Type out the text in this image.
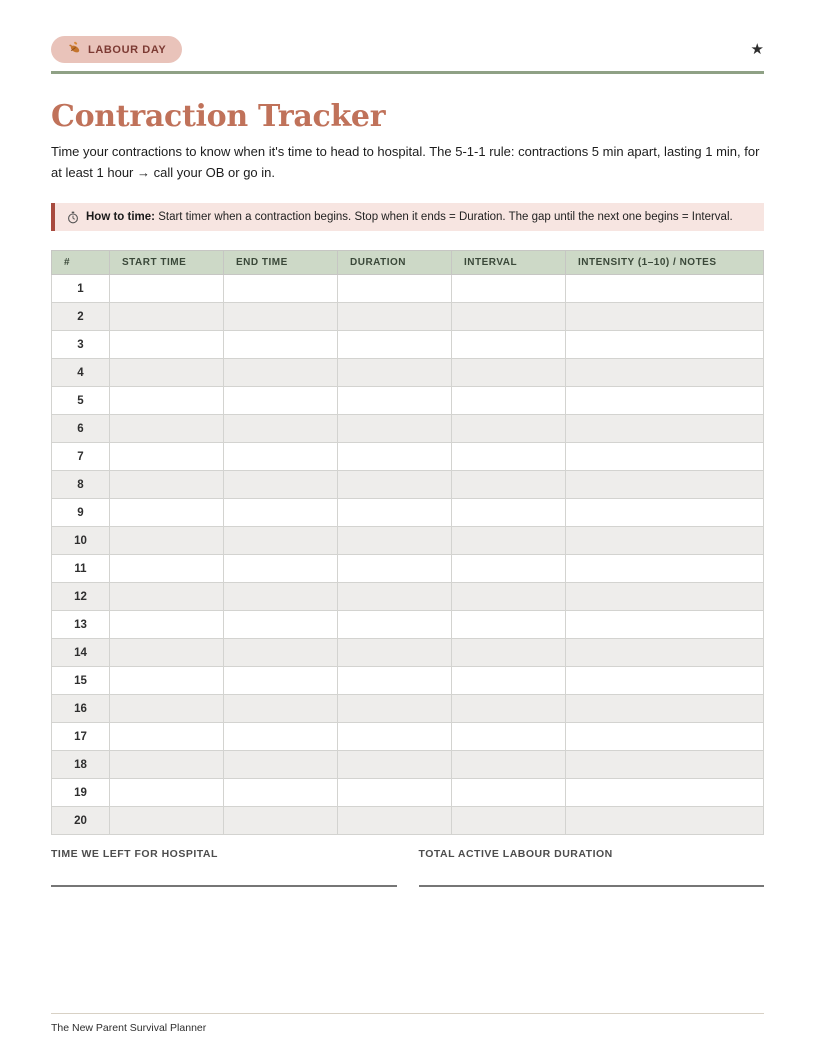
LABOUR DAY	★
Contraction Tracker

Time your contractions to know when it's time to head to hospital. The 5-1-1 rule: contractions 5 min apart, lasting 1 min, for at least 1 hour → call your OB or go in.

How to time: Start timer when a contraction begins. Stop when it ends = Duration. The gap until the next one begins = Interval.

#	START TIME	END TIME	DURATION	INTERVAL	INTENSITY (1–10) / NOTES
1					
2					
3					
4					
5					
6					
7					
8					
9					
10					
11					
12					
13					
14					
15					
16					
17					
18					
19					
20					
TIME WE LEFT FOR HOSPITAL	TOTAL ACTIVE LABOUR DURATION
The New Parent Survival Planner
